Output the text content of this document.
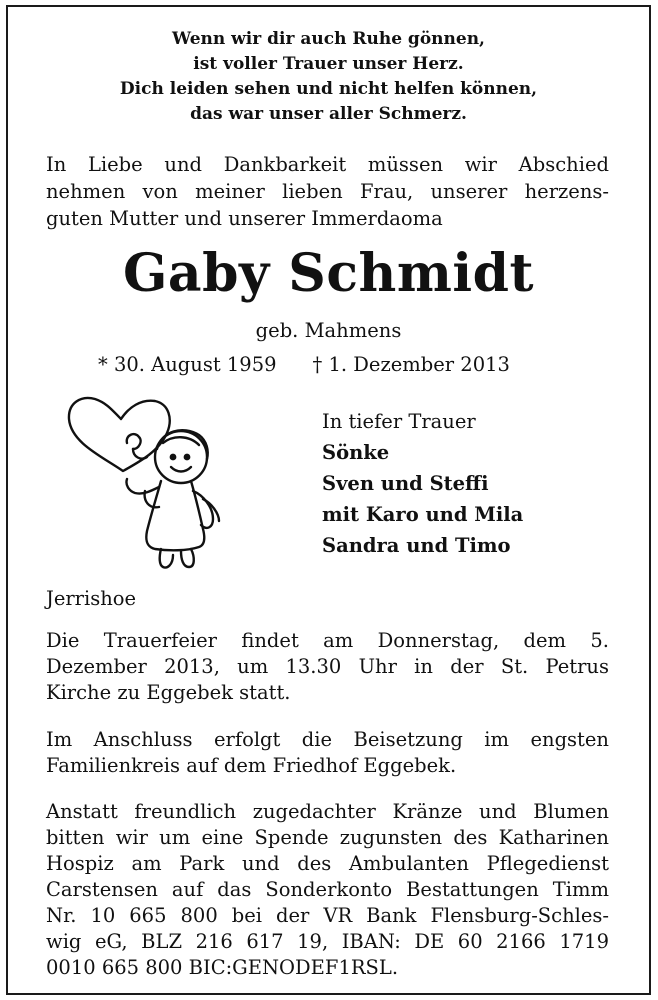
Wenn wir dir auch Ruhe gönnen,
ist voller Trauer unser Herz.
Dich leiden sehen und nicht helfen können,
das war unser aller Schmerz.
In Liebe und Dankbarkeit müssen wir Abschied
nehmen von meiner lieben Frau, unserer herzens-
guten Mutter und unserer Immerdaoma
Gaby Schmidt
geb. Mahmens
* 30. August 1959 † 1. Dezember 2013
In tiefer Trauer
Sönke
Sven und Steffi
mit Karo und Mila
Sandra und Timo
Jerrishoe
Die Trauerfeier findet am Donnerstag, dem 5.
Dezember 2013, um 13.30 Uhr in der St. Petrus
Kirche zu Eggebek statt.
Im Anschluss erfolgt die Beisetzung im engsten
Familienkreis auf dem Friedhof Eggebek.
Anstatt freundlich zugedachter Kränze und Blumen
bitten wir um eine Spende zugunsten des Katharinen
Hospiz am Park und des Ambulanten Pflegedienst
Carstensen auf das Sonderkonto Bestattungen Timm
Nr. 10 665 800 bei der VR Bank Flensburg-Schles-
wig eG, BLZ 216 617 19, IBAN: DE 60 2166 1719
0010 665 800 BIC:GENODEF1RSL.
